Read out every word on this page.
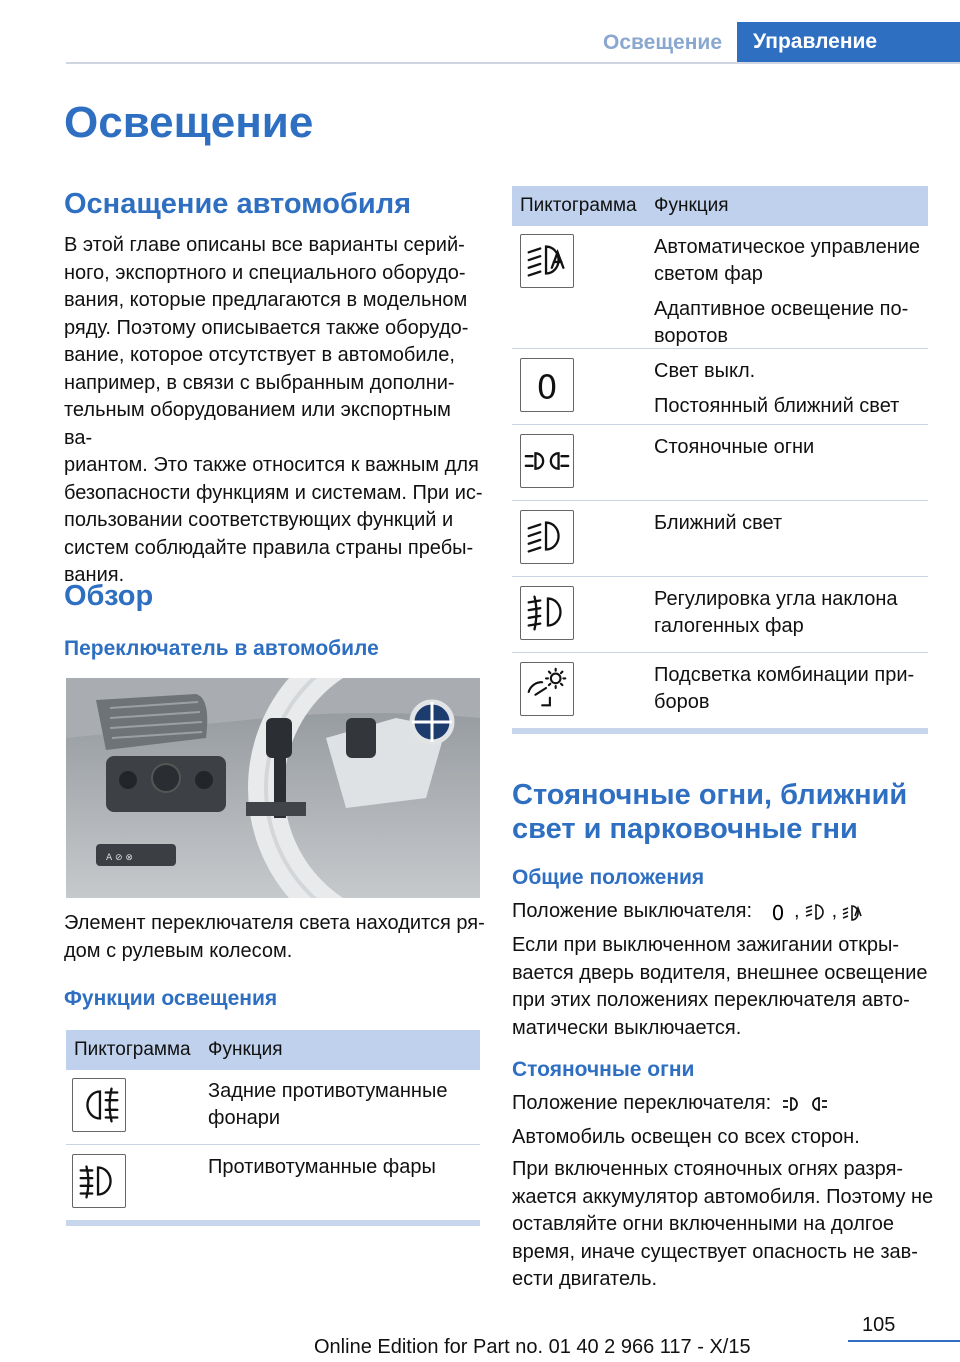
Освещение	Управление
Освещение
Оснащение автомобиля
В этой главе описаны все варианты серий-
ного, экспортного и специального оборудо-
вания, которые предлагаются в модельном
ряду. Поэтому описывается также оборудо-
вание, которое отсутствует в автомобиле,
например, в связи с выбранным дополни-
тельным оборудованием или экспортным ва-
риантом. Это также относится к важным для
безопасности функциям и системам. При ис-
пользовании соответствующих функций и
систем соблюдайте правила страны пребы-
вания.
Обзор
Переключатель в автомобиле
A ⊘ ⊗
Элемент переключателя света находится ря-
дом с рулевым колесом.
Функции освещения
Пиктограмма Функция
Задние противотуманные
фонари
Противотуманные фары
Пиктограмма Функция
Автоматическое управление
светом фар
Адаптивное освещение по-
воротов
0	Свет выкл.
Постоянный ближний свет
Стояночные огни
Ближний свет
Регулировка угла наклона
галогенных фар
Подсветка комбинации при-
боров
Стояночные огни, ближний
свет и парковочные гни
Общие положения
Положение выключателя: 0 , ,
Если при выключенном зажигании откры-
вается дверь водителя, внешнее освещение
при этих положениях переключателя авто-
матически выключается.
Стояночные огни
Положение переключателя:
Автомобиль освещен со всех сторон.
При включенных стояночных огнях разря-
жается аккумулятор автомобиля. Поэтому не
оставляйте огни включенными на долгое
время, иначе существует опасность не зав-
ести двигатель.
105
Online Edition for Part no. 01 40 2 966 117 - X/15
